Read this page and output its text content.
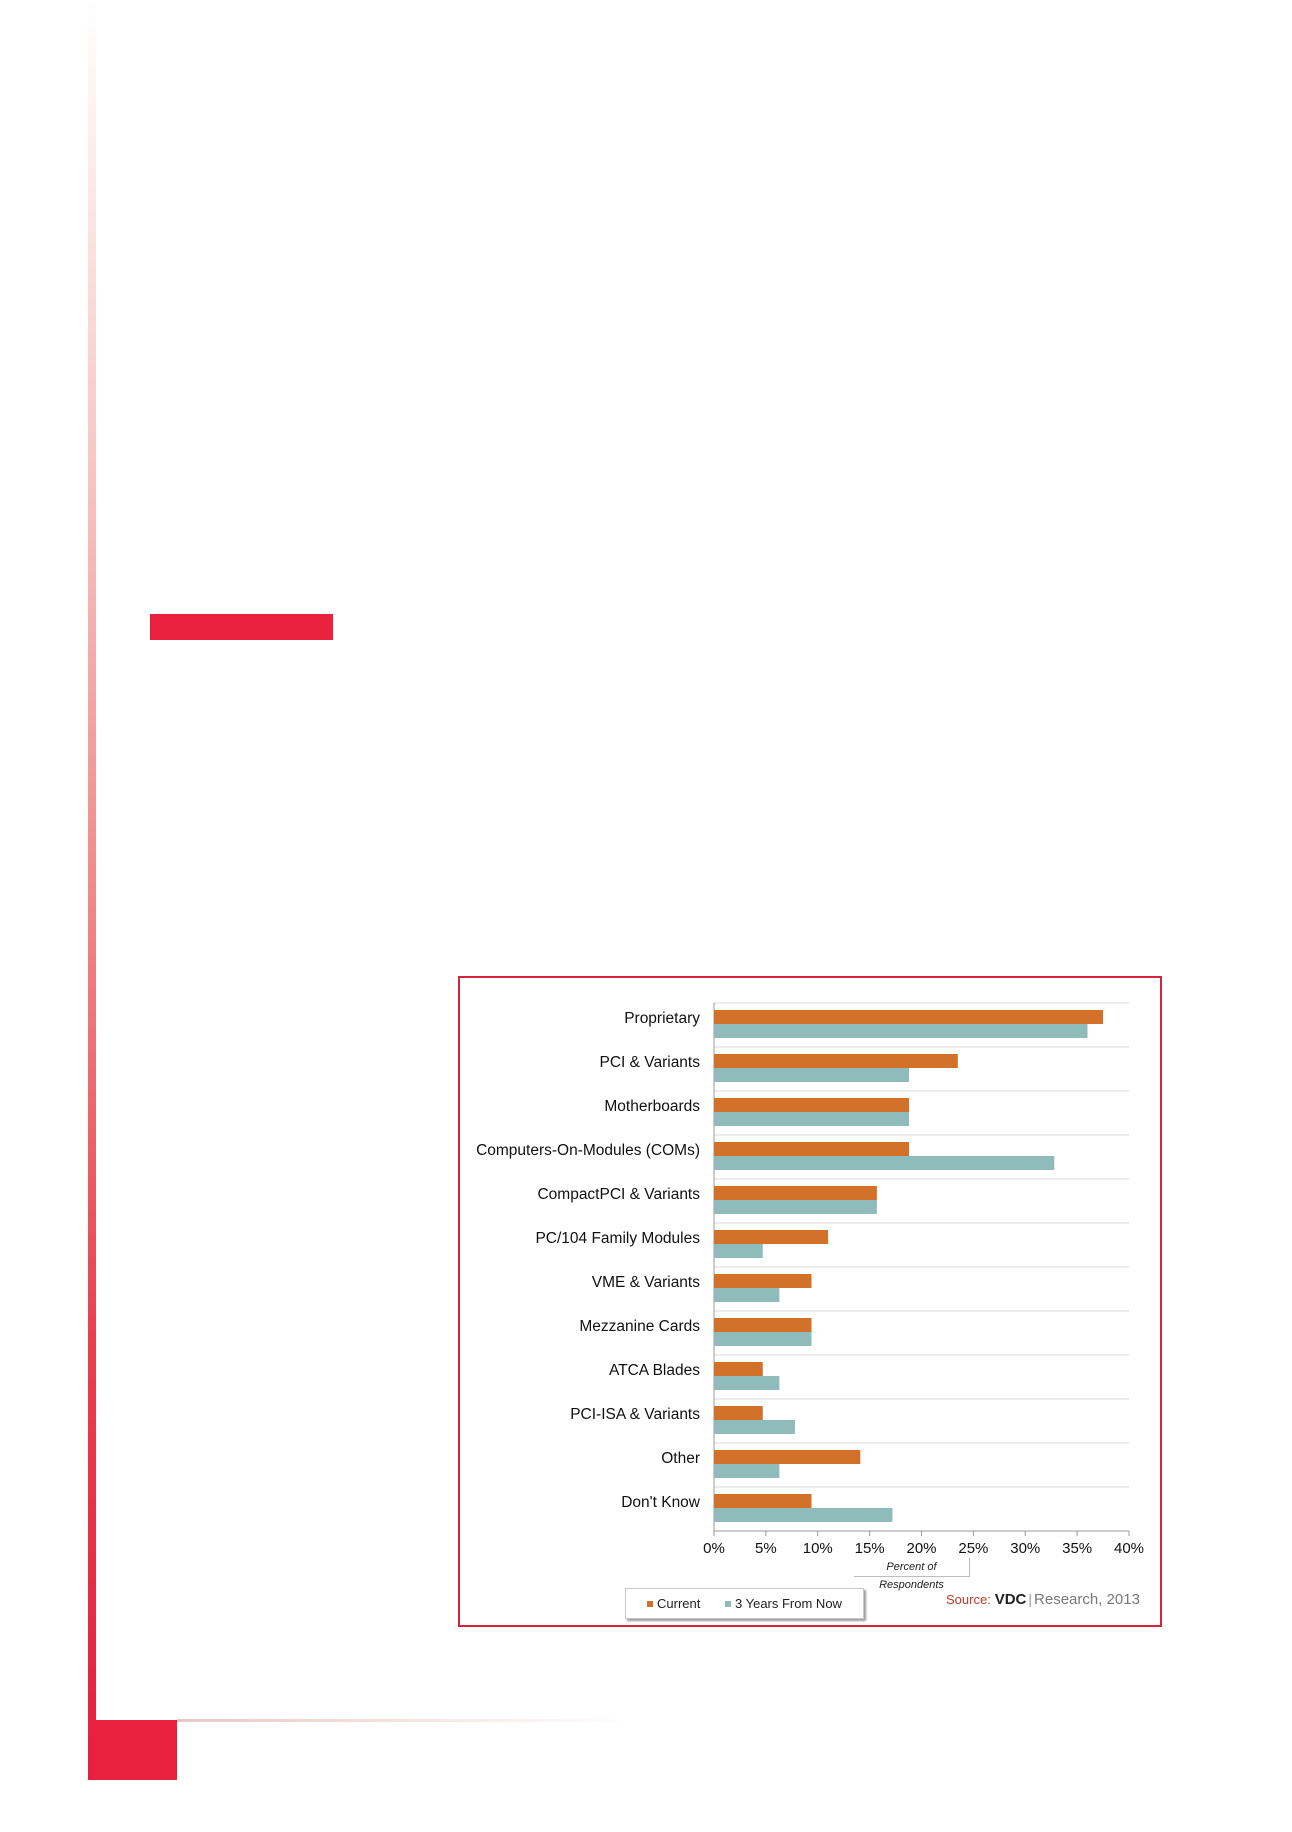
Proprietary
PCI & Variants
Motherboards
Computers-On-Modules (COMs)
CompactPCI & Variants
PC/104 Family Modules
VME & Variants
Mezzanine Cards
ATCA Blades
PCI-ISA & Variants
Other
Don't Know
0% 5% 10% 15% 20% 25% 30% 35% 40%
Percent of Respondents
Current	3 Years From Now	Source: VDC | Research, 2013
